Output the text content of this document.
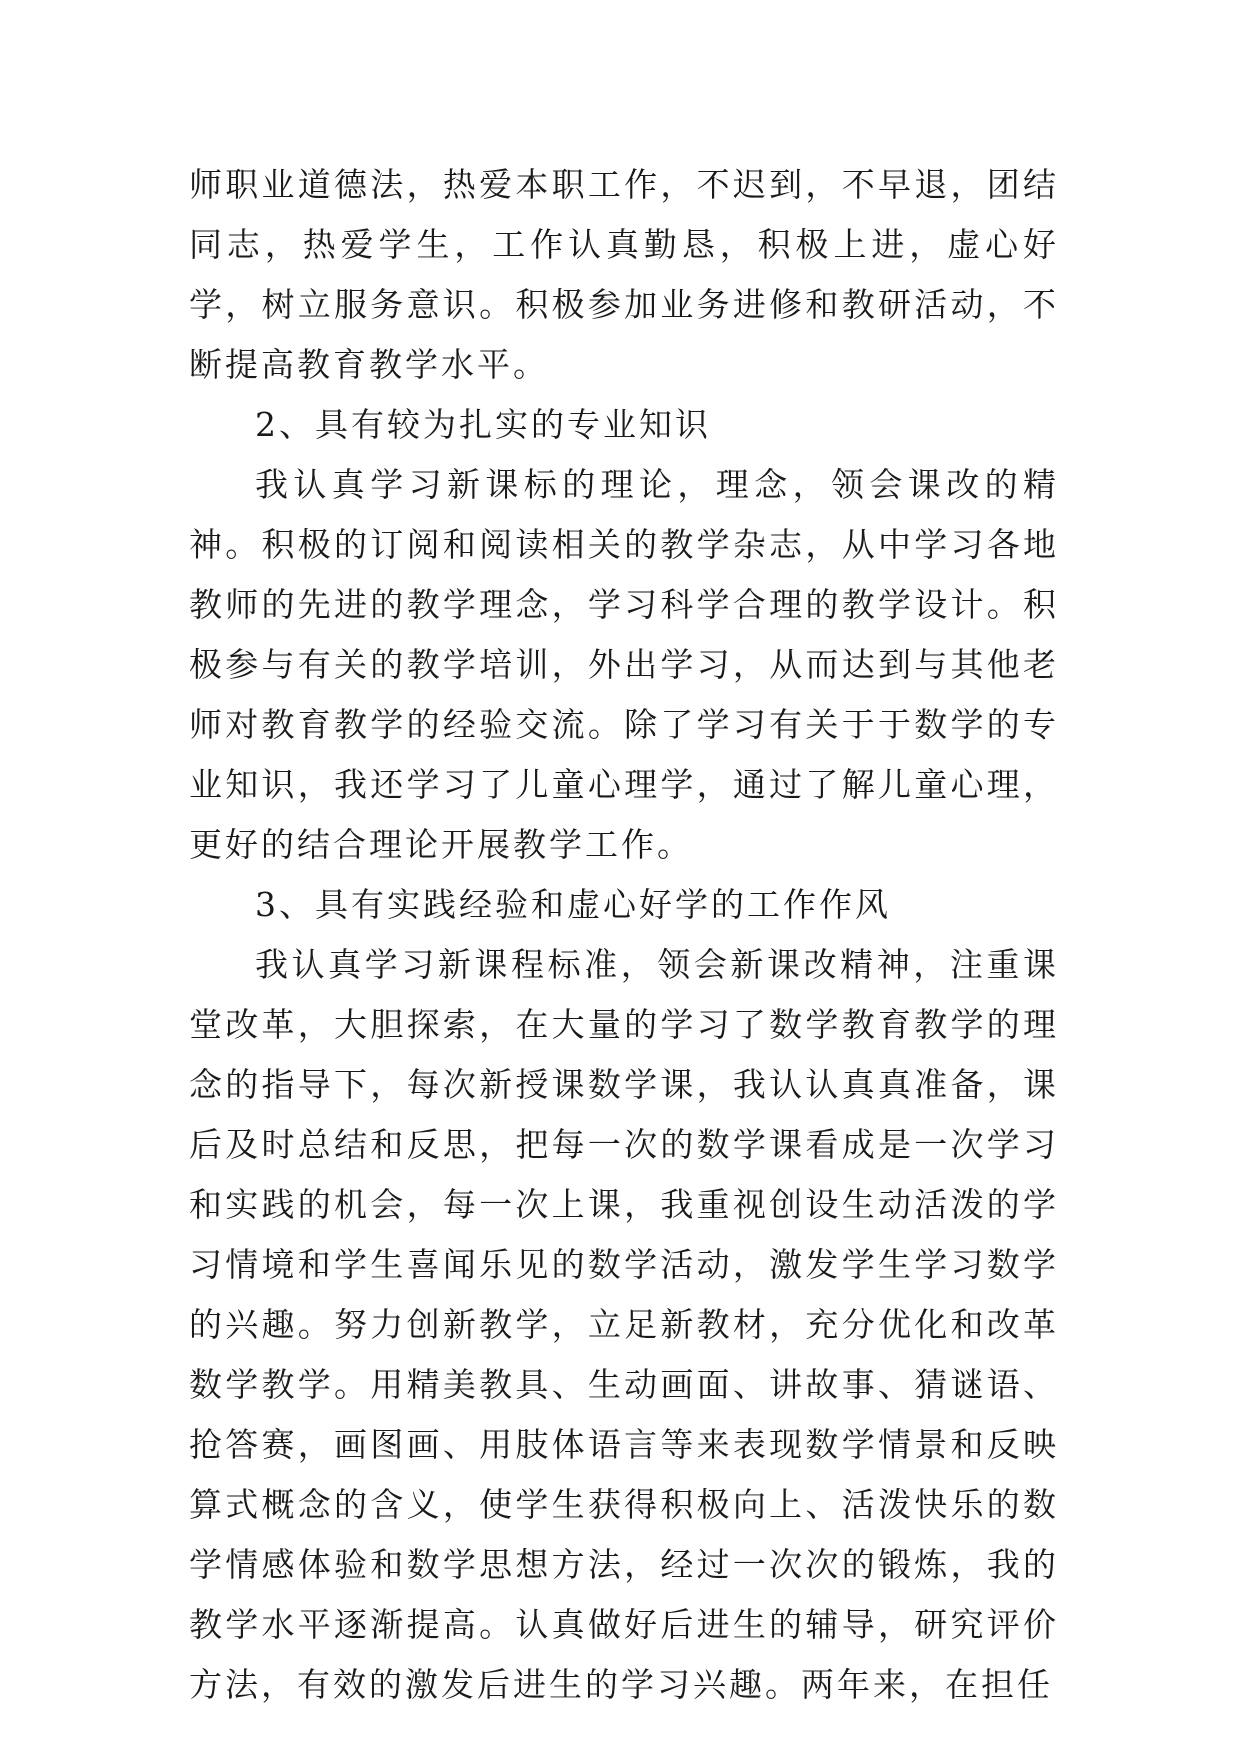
师职业道德法，热爱本职工作，不迟到，不早退，团结同志，热爱学生，工作认真勤恳，积极上进，虚心好学，树立服务意识。积极参加业务进修和教研活动，不断提高教育教学水平。

2、具有较为扎实的专业知识

我认真学习新课标的理论，理念，领会课改的精神。积极的订阅和阅读相关的教学杂志，从中学习各地教师的先进的教学理念，学习科学合理的教学设计。积极参与有关的教学培训，外出学习，从而达到与其他老师对教育教学的经验交流。除了学习有关于于数学的专业知识，我还学习了儿童心理学，通过了解儿童心理，更好的结合理论开展教学工作。

3、具有实践经验和虚心好学的工作作风

我认真学习新课程标准，领会新课改精神，注重课堂改革，大胆探索，在大量的学习了数学教育教学的理念的指导下，每次新授课数学课，我认认真真准备，课后及时总结和反思，把每一次的数学课看成是一次学习和实践的机会，每一次上课，我重视创设生动活泼的学习情境和学生喜闻乐见的数学活动，激发学生学习数学的兴趣。努力创新教学，立足新教材，充分优化和改革数学教学。用精美教具、生动画面、讲故事、猜谜语、抢答赛，画图画、用肢体语言等来表现数学情景和反映算式概念的含义，使学生获得积极向上、活泼快乐的数学情感体验和数学思想方法，经过一次次的锻炼，我的教学水平逐渐提高。认真做好后进生的辅导，研究评价方法，有效的激发后进生的学习兴趣。两年来，在担任
